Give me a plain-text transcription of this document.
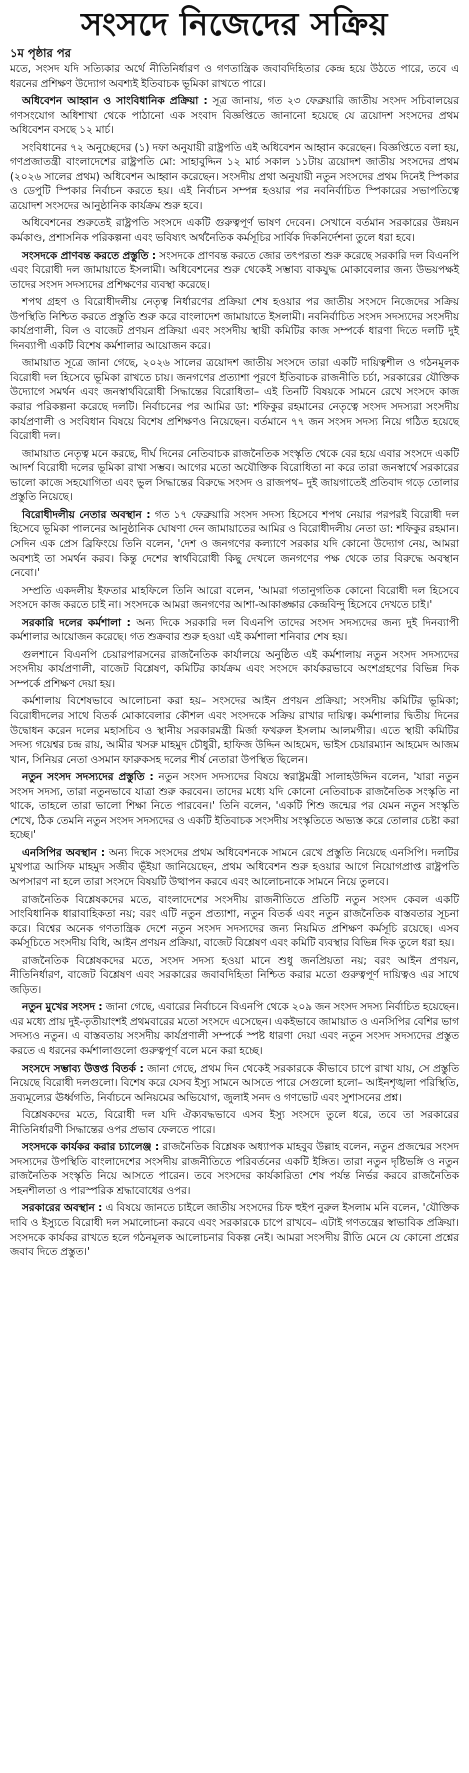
সংসদে নিজেদের সক্রিয়
১ম পৃষ্ঠার পর

মতে, সংসদ যদি সত্যিকার অর্থে নীতিনির্ধারণ ও গণতান্ত্রিক জবাবদিহিতার কেন্দ্র হয়ে উঠতে পারে, তবে এ ধরনের প্রশিক্ষণ উদ্যোগ অবশ্যই ইতিবাচক ভূমিকা রাখতে পারে।

অধিবেশন আহ্বান ও সাংবিধানিক প্রক্রিয়া : সূত্র জানায়, গত ২৩ ফেব্রুয়ারি জাতীয় সংসদ সচিবালয়ের গণসংযোগ অধিশাখা থেকে পাঠানো এক সংবাদ বিজ্ঞপ্তিতে জানানো হয়েছে যে ত্রয়োদশ সংসদের প্রথম অধিবেশন বসছে ১২ মার্চ।

সংবিধানের ৭২ অনুচ্ছেদের (১) দফা অনুযায়ী রাষ্ট্রপতি এই অধিবেশন আহ্বান করেছেন। বিজ্ঞপ্তিতে বলা হয়, গণপ্রজাতন্ত্রী বাংলাদেশের রাষ্ট্রপতি মো: সাহাবুদ্দিন ১২ মার্চ সকাল ১১টায় ত্রয়োদশ জাতীয় সংসদের প্রথম (২০২৬ সালের প্রথম) অধিবেশন আহ্বান করেছেন। সংসদীয় প্রথা অনুযায়ী নতুন সংসদের প্রথম দিনেই স্পিকার ও ডেপুটি স্পিকার নির্বাচন করতে হয়। এই নির্বাচন সম্পন্ন হওয়ার পর নবনির্বাচিত স্পিকারের সভাপতিত্বে ত্রয়োদশ সংসদের আনুষ্ঠানিক কার্যক্রম শুরু হবে।

অধিবেশনের শুরুতেই রাষ্ট্রপতি সংসদে একটি গুরুত্বপূর্ণ ভাষণ দেবেন। সেখানে বর্তমান সরকারের উন্নয়ন কর্মকাণ্ড, প্রশাসনিক পরিকল্পনা এবং ভবিষ্যৎ অর্থনৈতিক কর্মসূচির সার্বিক দিকনির্দেশনা তুলে ধরা হবে।

সংসদকে প্রাণবন্ত করতে প্রস্তুতি : সংসদকে প্রাণবন্ত করতে জোর তৎপরতা শুরু করেছে সরকারি দল বিএনপি এবং বিরোধী দল জামায়াতে ইসলামী। অধিবেশনের শুরু থেকেই সম্ভাব্য বাকযুদ্ধ মোকাবেলার জন্য উভয়পক্ষই তাদের সংসদ সদস্যদের প্রশিক্ষণের ব্যবস্থা করেছে।

শপথ গ্রহণ ও বিরোধীদলীয় নেতৃত্ব নির্ধারণের প্রক্রিয়া শেষ হওয়ার পর জাতীয় সংসদে নিজেদের সক্রিয় উপস্থিতি নিশ্চিত করতে প্রস্তুতি শুরু করে বাংলাদেশ জামায়াতে ইসলামী। নবনির্বাচিত সংসদ সদস্যদের সংসদীয় কার্যপ্রণালী, বিল ও বাজেট প্রণয়ন প্রক্রিয়া এবং সংসদীয় স্থায়ী কমিটির কাজ সম্পর্কে ধারণা দিতে দলটি দুই দিনব্যাপী একটি বিশেষ কর্মশালার আয়োজন করে।

জামায়াত সূত্রে জানা গেছে, ২০২৬ সালের ত্রয়োদশ জাতীয় সংসদে তারা একটি দায়িত্বশীল ও গঠনমূলক বিরোধী দল হিসেবে ভূমিকা রাখতে চায়। জনগণের প্রত্যাশা পূরণে ইতিবাচক রাজনীতি চর্চা, সরকারের যৌক্তিক উদ্যোগে সমর্থন এবং জনস্বার্থবিরোধী সিদ্ধান্তের বিরোধিতা– এই তিনটি বিষয়কে সামনে রেখে সংসদে কাজ করার পরিকল্পনা করেছে দলটি। নির্বাচনের পর আমির ডা: শফিকুর রহমানের নেতৃত্বে সংসদ সদস্যরা সংসদীয় কার্যপ্রণালী ও সংবিধান বিষয়ে বিশেষ প্রশিক্ষণও নিয়েছেন। বর্তমানে ৭৭ জন সংসদ সদস্য নিয়ে গঠিত হয়েছে বিরোধী দল।

জামায়াত নেতৃত্ব মনে করছে, দীর্ঘ দিনের নেতিবাচক রাজনৈতিক সংস্কৃতি থেকে বের হয়ে এবার সংসদে একটি আদর্শ বিরোধী দলের ভূমিকা রাখা সম্ভব। আগের মতো অযৌক্তিক বিরোধিতা না করে তারা জনস্বার্থে সরকারের ভালো কাজে সহযোগিতা এবং ভুল সিদ্ধান্তের বিরুদ্ধে সংসদ ও রাজপথ– দুই জায়গাতেই প্রতিবাদ গড়ে তোলার প্রস্তুতি নিয়েছে।

বিরোধীদলীয় নেতার অবস্থান : গত ১৭ ফেব্রুয়ারি সংসদ সদস্য হিসেবে শপথ নেয়ার পরপরই বিরোধী দল হিসেবে ভূমিকা পালনের আনুষ্ঠানিক ঘোষণা দেন জামায়াতের আমির ও বিরোধীদলীয় নেতা ডা: শফিকুর রহমান। সেদিন এক প্রেস ব্রিফিংয়ে তিনি বলেন, 'দেশ ও জনগণের কল্যাণে সরকার যদি কোনো উদ্যোগ নেয়, আমরা অবশ্যই তা সমর্থন করব। কিন্তু দেশের স্বার্থবিরোধী কিছু দেখলে জনগণের পক্ষ থেকে তার বিরুদ্ধে অবস্থান নেবো।'

সম্প্রতি একদলীয় ইফতার মাহফিলে তিনি আরো বলেন, 'আমরা গতানুগতিক কোনো বিরোধী দল হিসেবে সংসদে কাজ করতে চাই না। সংসদকে আমরা জনগণের আশা-আকাঙ্ক্ষার কেন্দ্রবিন্দু হিসেবে দেখতে চাই।'

সরকারি দলের কর্মশালা : অন্য দিকে সরকারি দল বিএনপি তাদের সংসদ সদস্যদের জন্য দুই দিনব্যাপী কর্মশালার আয়োজন করেছে। গত শুক্রবার শুরু হওয়া এই কর্মশালা শনিবার শেষ হয়।

গুলশানে বিএনপি চেয়ারপারসনের রাজনৈতিক কার্যালয়ে অনুষ্ঠিত এই কর্মশালায় নতুন সংসদ সদস্যদের সংসদীয় কার্যপ্রণালী, বাজেট বিশ্লেষণ, কমিটির কার্যক্রম এবং সংসদে কার্যকরভাবে অংশগ্রহণের বিভিন্ন দিক সম্পর্কে প্রশিক্ষণ দেয়া হয়।

কর্মশালায় বিশেষভাবে আলোচনা করা হয়– সংসদের আইন প্রণয়ন প্রক্রিয়া; সংসদীয় কমিটির ভূমিকা; বিরোধীদলের সাথে বিতর্ক মোকাবেলার কৌশল এবং সংসদকে সক্রিয় রাখার দায়িত্ব। কর্মশালার দ্বিতীয় দিনের উদ্বোধন করেন দলের মহাসচিব ও স্থানীয় সরকারমন্ত্রী মির্জা ফখরুল ইসলাম আলমগীর। এতে স্থায়ী কমিটির সদস্য গয়েশ্বর চন্দ্র রায়, আমীর খসরু মাহমুদ চৌধুরী, হাফিজ উদ্দিন আহমেদ, ভাইস চেয়ারম্যান আহমেদ আজম খান, সিনিয়র নেতা ওসমান ফারুকসহ দলের শীর্ষ নেতারা উপস্থিত ছিলেন।

নতুন সংসদ সদস্যদের প্রস্তুতি : নতুন সংসদ সদস্যদের বিষয়ে স্বরাষ্ট্রমন্ত্রী সালাহউদ্দিন বলেন, 'যারা নতুন সংসদ সদস্য, তারা নতুনভাবে যাত্রা শুরু করবেন। তাদের মধ্যে যদি কোনো নেতিবাচক রাজনৈতিক সংস্কৃতি না থাকে, তাহলে তারা ভালো শিক্ষা নিতে পারবেন।' তিনি বলেন, 'একটি শিশু জন্মের পর যেমন নতুন সংস্কৃতি শেখে, ঠিক তেমনি নতুন সংসদ সদস্যদের ও একটি ইতিবাচক সংসদীয় সংস্কৃতিতে অভ্যস্ত করে তোলার চেষ্টা করা হচ্ছে।'

এনসিপির অবস্থান : অন্য দিকে সংসদের প্রথম অধিবেশনকে সামনে রেখে প্রস্তুতি নিয়েছে এনসিপি। দলটির মুখপাত্র আসিফ মাহমুদ সজীব ভূঁইয়া জানিয়েছেন, প্রথম অধিবেশন শুরু হওয়ার আগে নিয়োগপ্রাপ্ত রাষ্ট্রপতি অপসারণ না হলে তারা সংসদে বিষয়টি উত্থাপন করবে এবং আলোচনাকে সামনে নিয়ে তুলবে।

রাজনৈতিক বিশ্লেষকদের মতে, বাংলাদেশের সংসদীয় রাজনীতিতে প্রতিটি নতুন সংসদ কেবল একটি সাংবিধানিক ধারাবাহিকতা নয়; বরং এটি নতুন প্রত্যাশা, নতুন বিতর্ক এবং নতুন রাজনৈতিক বাস্তবতার সূচনা করে। বিশ্বের অনেক গণতান্ত্রিক দেশে নতুন সংসদ সদস্যদের জন্য নিয়মিত প্রশিক্ষণ কর্মসূচি রয়েছে। এসব কর্মসূচিতে সংসদীয় বিধি, আইন প্রণয়ন প্রক্রিয়া, বাজেট বিশ্লেষণ এবং কমিটি ব্যবস্থার বিভিন্ন দিক তুলে ধরা হয়।

রাজনৈতিক বিশ্লেষকদের মতে, সংসদ সদস্য হওয়া মানে শুধু জনপ্রিয়তা নয়; বরং আইন প্রণয়ন, নীতিনির্ধারণ, বাজেট বিশ্লেষণ এবং সরকারের জবাবদিহিতা নিশ্চিত করার মতো গুরুত্বপূর্ণ দায়িত্বও এর সাথে জড়িত।

নতুন মুখের সংসদ : জানা গেছে, এবারের নির্বাচনে বিএনপি থেকে ২০৯ জন সংসদ সদস্য নির্বাচিত হয়েছেন। এর মধ্যে প্রায় দুই-তৃতীয়াংশই প্রথমবারের মতো সংসদে এসেছেন। একইভাবে জামায়াত ও এনসিপির বেশির ভাগ সদস্যও নতুন। এ বাস্তবতায় সংসদীয় কার্যপ্রণালী সম্পর্কে স্পষ্ট ধারণা দেয়া এবং নতুন সংসদ সদস্যদের প্রস্তুত করতে এ ধরনের কর্মশালাগুলো গুরুত্বপূর্ণ বলে মনে করা হচ্ছে।

সংসদে সম্ভাব্য উত্তপ্ত বিতর্ক : জানা গেছে, প্রথম দিন থেকেই সরকারকে কীভাবে চাপে রাখা যায়, সে প্রস্তুতি নিয়েছে বিরোধী দলগুলো। বিশেষ করে যেসব ইস্যু সামনে আসতে পারে সেগুলো হলো– আইনশৃঙ্খলা পরিস্থিতি, দ্রব্যমূল্যের ঊর্ধ্বগতি, নির্বাচনে অনিয়মের অভিযোগ, জুলাই সনদ ও গণভোট এবং সুশাসনের প্রশ্ন।

বিশ্লেষকদের মতে, বিরোধী দল যদি ঐক্যবদ্ধভাবে এসব ইস্যু সংসদে তুলে ধরে, তবে তা সরকারের নীতিনির্ধারণী সিদ্ধান্তের ওপর প্রভাব ফেলতে পারে।

সংসদকে কার্যকর করার চ্যালেঞ্জ : রাজনৈতিক বিশ্লেষক অধ্যাপক মাহবুব উল্লাহ বলেন, নতুন প্রজন্মের সংসদ সদস্যদের উপস্থিতি বাংলাদেশের সংসদীয় রাজনীতিতে পরিবর্তনের একটি ইঙ্গিত। তারা নতুন দৃষ্টিভঙ্গি ও নতুন রাজনৈতিক সংস্কৃতি নিয়ে আসতে পারেন। তবে সংসদের কার্যকারিতা শেষ পর্যন্ত নির্ভর করবে রাজনৈতিক সহনশীলতা ও পারস্পরিক শ্রদ্ধাবোধের ওপর।

সরকারের অবস্থান : এ বিষয়ে জানতে চাইলে জাতীয় সংসদের চিফ হুইপ নুরুল ইসলাম মনি বলেন, 'যৌক্তিক দাবি ও ইস্যুতে বিরোধী দল সমালোচনা করবে এবং সরকারকে চাপে রাখবে– এটাই গণতন্ত্রের স্বাভাবিক প্রক্রিয়া। সংসদকে কার্যকর রাখতে হলে গঠনমূলক আলোচনার বিকল্প নেই। আমরা সংসদীয় রীতি মেনে যে কোনো প্রশ্নের জবাব দিতে প্রস্তুত।'
